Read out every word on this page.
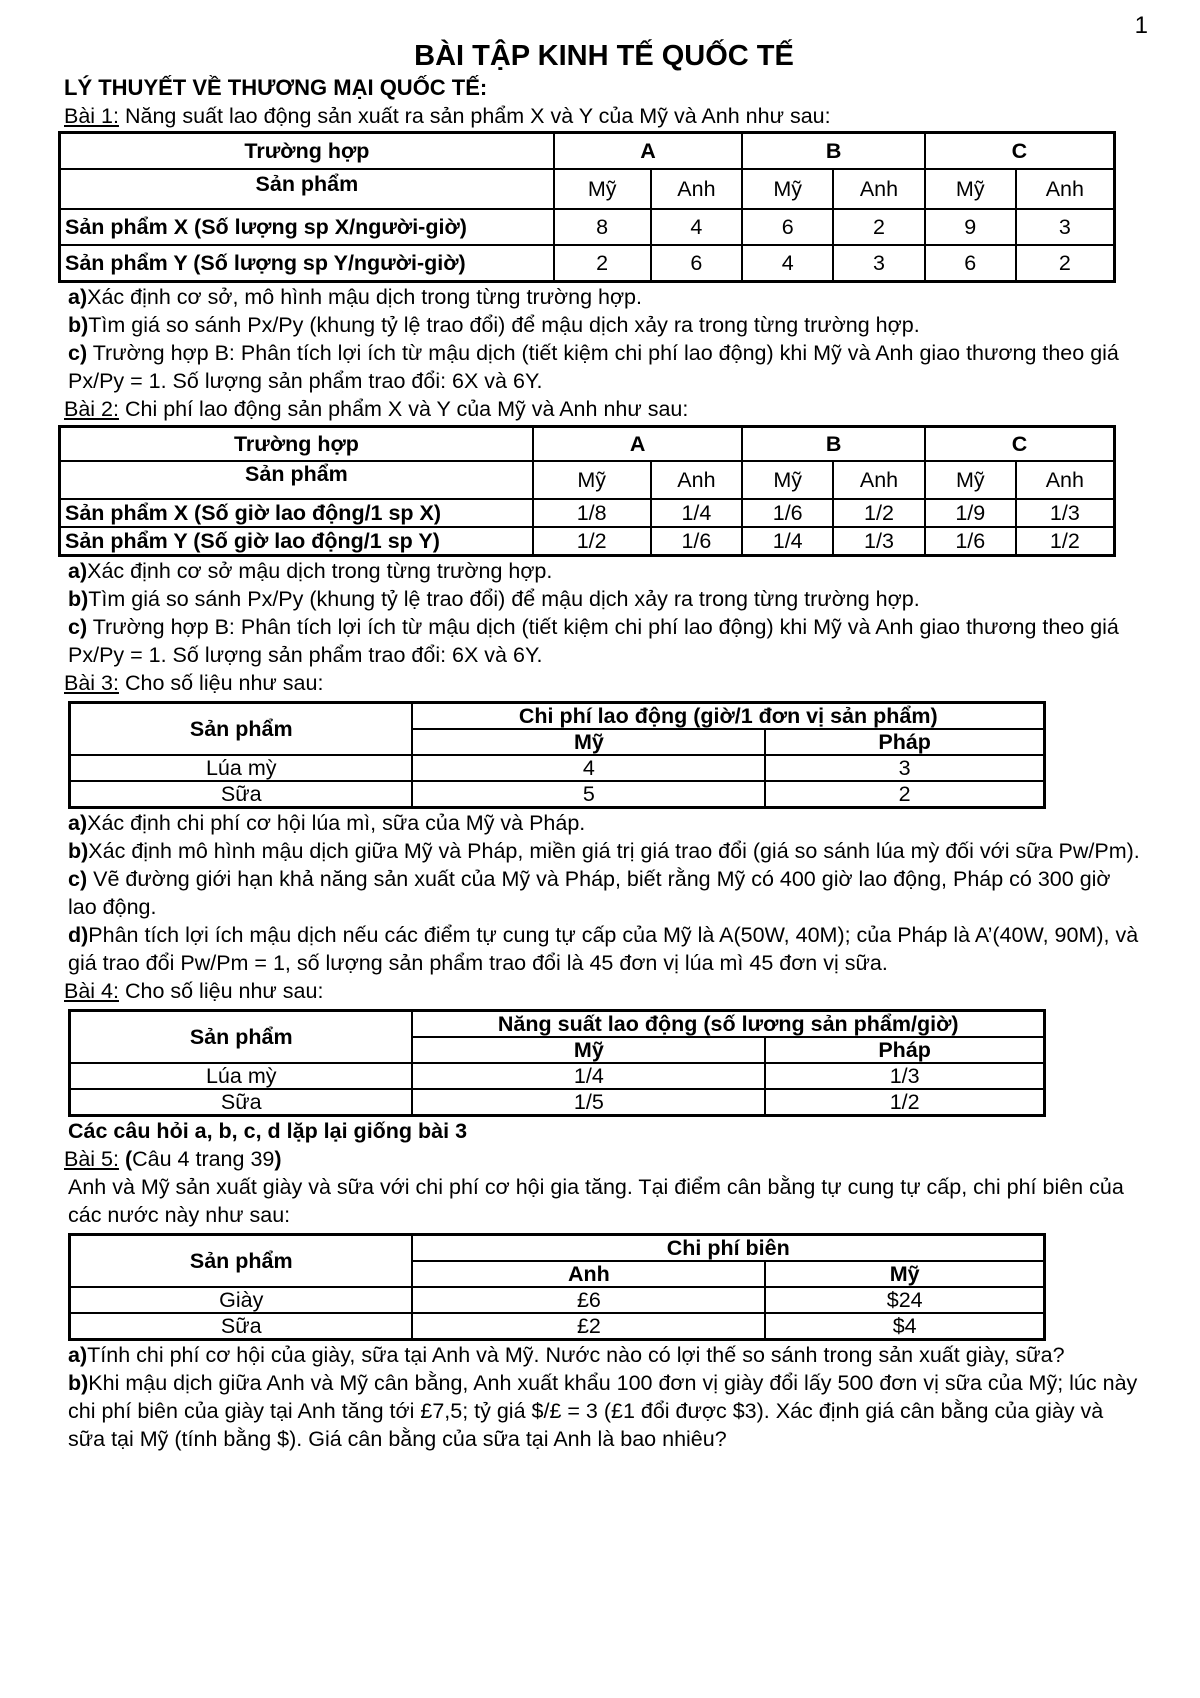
1
BÀI TẬP KINH TẾ QUỐC TẾ

LÝ THUYẾT VỀ THƯƠNG MẠI QUỐC TẾ:

Bài 1: Năng suất lao động sản xuất ra sản phẩm X và Y của Mỹ và Anh như sau:

Trường hợp	A		B		C	
Sản phẩm	Mỹ	Anh	Mỹ	Anh	Mỹ	Anh
Sản phẩm X (Số lượng sp X/người-giờ)	8	4	6	2	9	3
Sản phẩm Y (Số lượng sp Y/người-giờ)	2	6	4	3	6	2

a)Xác định cơ sở, mô hình mậu dịch trong từng trường hợp.

b)Tìm giá so sánh Px/Py (khung tỷ lệ trao đổi) để mậu dịch xảy ra trong từng trường hợp.

c) Trường hợp B: Phân tích lợi ích từ mậu dịch (tiết kiệm chi phí lao động) khi Mỹ và Anh giao thương theo giá Px/Py = 1. Số lượng sản phẩm trao đổi: 6X và 6Y.

Bài 2: Chi phí lao động sản phẩm X và Y của Mỹ và Anh như sau:

Trường hợp	A		B		C	
Sản phẩm	Mỹ	Anh	Mỹ	Anh	Mỹ	Anh
Sản phẩm X (Số giờ lao động/1 sp X)	1/8	1/4	1/6	1/2	1/9	1/3
Sản phẩm Y (Số giờ lao động/1 sp Y)	1/2	1/6	1/4	1/3	1/6	1/2

a)Xác định cơ sở mậu dịch trong từng trường hợp.

b)Tìm giá so sánh Px/Py (khung tỷ lệ trao đổi) để mậu dịch xảy ra trong từng trường hợp.

c) Trường hợp B: Phân tích lợi ích từ mậu dịch (tiết kiệm chi phí lao động) khi Mỹ và Anh giao thương theo giá Px/Py = 1. Số lượng sản phẩm trao đổi: 6X và 6Y.

Bài 3: Cho số liệu như sau:

Sản phẩm	Chi phí lao động (giờ/1 đơn vị sản phẩm)	
	Mỹ	Pháp
Lúa mỳ	4	3
Sữa	5	2

a)Xác định chi phí cơ hội lúa mì, sữa của Mỹ và Pháp.

b)Xác định mô hình mậu dịch giữa Mỹ và Pháp, miền giá trị giá trao đổi (giá so sánh lúa mỳ đối với sữa Pw/Pm).

c) Vẽ đường giới hạn khả năng sản xuất của Mỹ và Pháp, biết rằng Mỹ có 400 giờ lao động, Pháp có 300 giờ lao động.

d)Phân tích lợi ích mậu dịch nếu các điểm tự cung tự cấp của Mỹ là A(50W, 40M); của Pháp là A’(40W, 90M), và giá trao đổi Pw/Pm = 1, số lượng sản phẩm trao đổi là 45 đơn vị lúa mì 45 đơn vị sữa.

Bài 4: Cho số liệu như sau:

Sản phẩm	Năng suất lao động (số lương sản phẩm/giờ)	
	Mỹ	Pháp
Lúa mỳ	1/4	1/3
Sữa	1/5	1/2

Các câu hỏi a, b, c, d lặp lại giống bài 3

Bài 5: (Câu 4 trang 39)

Anh và Mỹ sản xuất giày và sữa với chi phí cơ hội gia tăng. Tại điểm cân bằng tự cung tự cấp, chi phí biên của các nước này như sau:

Sản phẩm	Chi phí biên	
	Anh	Mỹ
Giày	£6	$24
Sữa	£2	$4

a)Tính chi phí cơ hội của giày, sữa tại Anh và Mỹ. Nước nào có lợi thế so sánh trong sản xuất giày, sữa?

b)Khi mậu dịch giữa Anh và Mỹ cân bằng, Anh xuất khẩu 100 đơn vị giày đổi lấy 500 đơn vị sữa của Mỹ; lúc này chi phí biên của giày tại Anh tăng tới £7,5; tỷ giá $/£ = 3 (£1 đổi được $3). Xác định giá cân bằng của giày và sữa tại Mỹ (tính bằng $). Giá cân bằng của sữa tại Anh là bao nhiêu?
